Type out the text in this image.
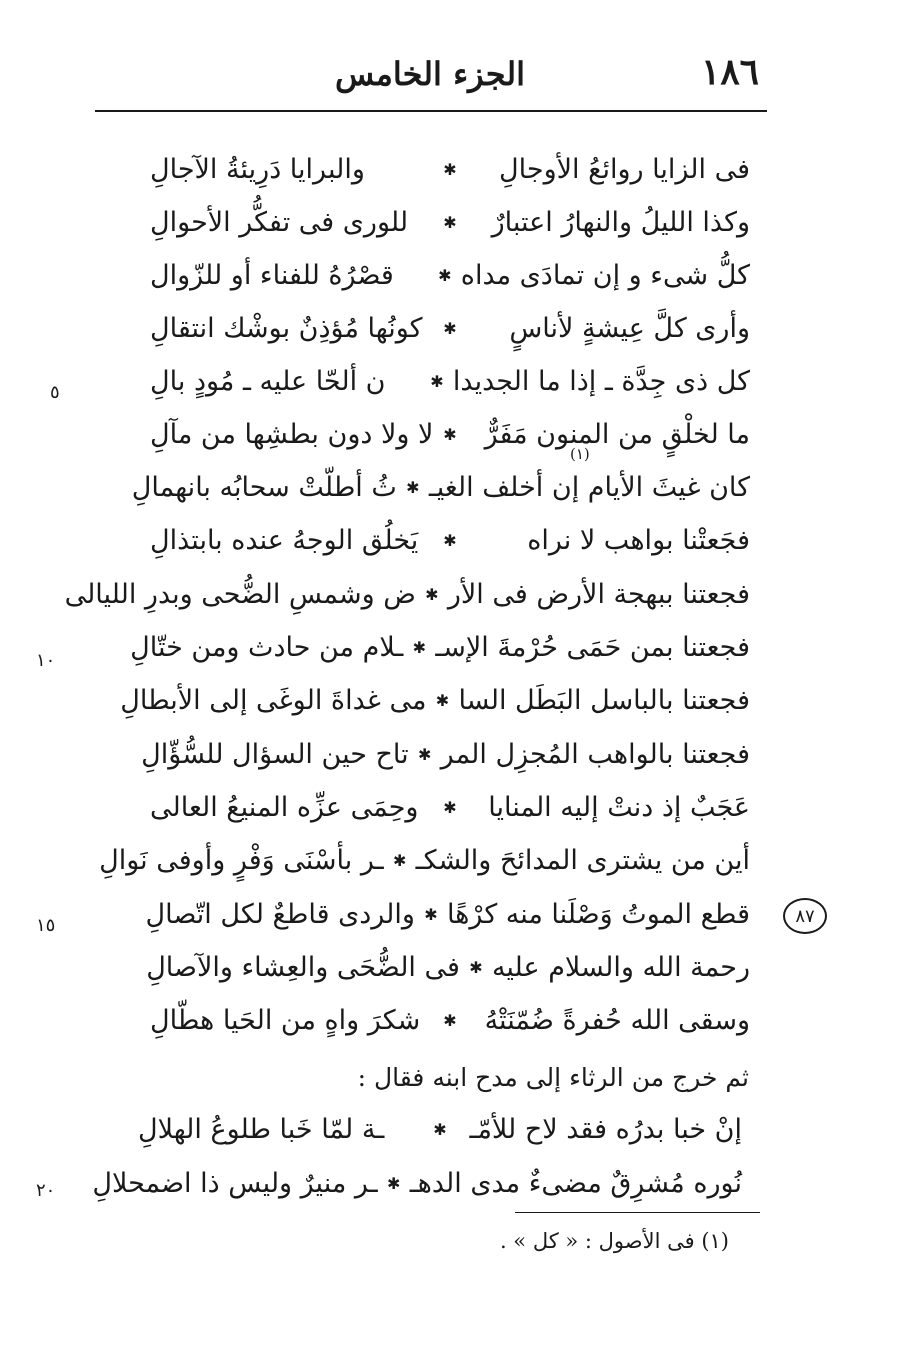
١٨٦
الجزء الخامس
فى الزايا روائعُ الأوجالِ
✱
والبرايا دَرِيئةُ الآجالِ
وكذا الليلُ والنهارُ اعتبارٌ
✱
للورى فى تفكُّر الأحوالِ
كلُّ شىء و إن تمادَى مداه
✱
قصْرُهُ للفناء أو للزّوال
وأرى كلَّ عِيشةٍ لأناسٍ
✱
كونُها مُؤذِنٌ بوشْك انتقالِ
كل ذى جِدَّة ـ إذا ما الجديدا
✱
ن ألحّا عليه ـ مُودٍ بالِ
ما لخلْقٍ من المنون مَفَرٌّ
✱
لا ولا دون بطشِها من مآلِ
(١)
كان غيثَ الأيام إن أخلف الغيـ
✱
ثُ أطلّتْ سحابُه بانهمالِ
فجَعتْنا بواهب لا نراه
✱
يَخلُق الوجهُ عنده بابتذالِ
فجعتنا ببهجة الأرض فى الأر
✱
ض وشمسِ الضُّحى وبدرِ الليالى
فجعتنا بمن حَمَى حُرْمةَ الإسـ
✱
ـلام من حادث ومن ختّالِ
فجعتنا بالباسل البَطَل السا
✱
مى غداةَ الوغَى إلى الأبطالِ
فجعتنا بالواهب المُجزِل المر
✱
تاح حين السؤال للسُّؤّالِ
عَجَبٌ إذ دنتْ إليه المنايا
✱
وحِمَى عزِّه المنيعُ العالى
أين من يشترى المدائحَ والشكـ
✱
ـر بأسْنَى وَفْرٍ وأوفى نَوالِ
قطع الموتُ وَصْلَنا منه كرْهًا
✱
والردى قاطعٌ لكل اتّصالِ
رحمة الله والسلام عليه
✱
فى الضُّحَى والعِشاء والآصالِ
وسقى الله حُفرةً ضُمّنَتْهُ
✱
شكرَ واهٍ من الحَيا هطّالِ
ثم خرج من الرثاء إلى مدح ابنه فقال :
إنْ خبا بدرُه فقد لاح للأمّـ
✱
ـة لمّا خَبا طلوعُ الهلالِ
نُوره مُشرِقٌ مضىءٌ مدى الدهـ
✱
ـر منيرٌ وليس ذا اضمحلالِ
٥
١٠
١٥
٢٠
٨٧
(١) فى الأصول : « كل » .
